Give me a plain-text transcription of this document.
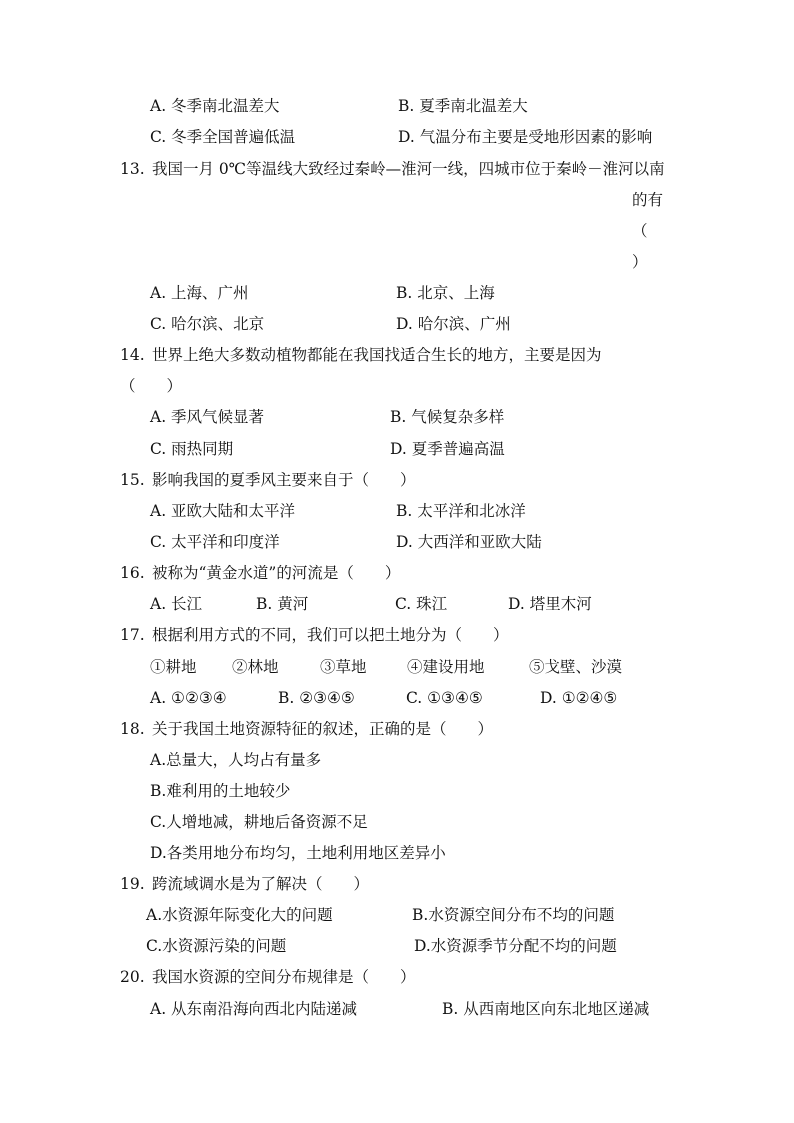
A. 冬季南北温差大	B. 夏季南北温差大
C. 冬季全国普遍低温	D. 气温分布主要是受地形因素的影响
13. 我国一月 0℃等温线大致经过秦岭—淮河一线，四城市位于秦岭－淮河以南
的有
（
）
A. 上海、广州	B. 北京、上海
C. 哈尔滨、北京	D. 哈尔滨、广州
14. 世界上绝大多数动植物都能在我国找适合生长的地方，主要是因为
（　　）
A. 季风气候显著	B. 气候复杂多样
C. 雨热同期	D. 夏季普遍高温
15. 影响我国的夏季风主要来自于（　　）
A. 亚欧大陆和太平洋	B. 太平洋和北冰洋
C. 太平洋和印度洋	D. 大西洋和亚欧大陆
16. 被称为“黄金水道”的河流是（　　）
A. 长江	B. 黄河	C. 珠江	D. 塔里木河
17. 根据利用方式的不同，我们可以把土地分为（　　）
①耕地 ②林地	③草地	④建设用地	⑤戈壁、沙漠
A. ①②③④	B. ②③④⑤	C. ①③④⑤	D. ①②④⑤
18. 关于我国土地资源特征的叙述，正确的是（　　）
A.总量大，人均占有量多
B.难利用的土地较少
C.人增地减，耕地后备资源不足
D.各类用地分布均匀，土地利用地区差异小
19. 跨流域调水是为了解决（　　）
A.水资源年际变化大的问题	B.水资源空间分布不均的问题
C.水资源污染的问题	D.水资源季节分配不均的问题
20. 我国水资源的空间分布规律是（　　）
A. 从东南沿海向西北内陆递减	B. 从西南地区向东北地区递减
